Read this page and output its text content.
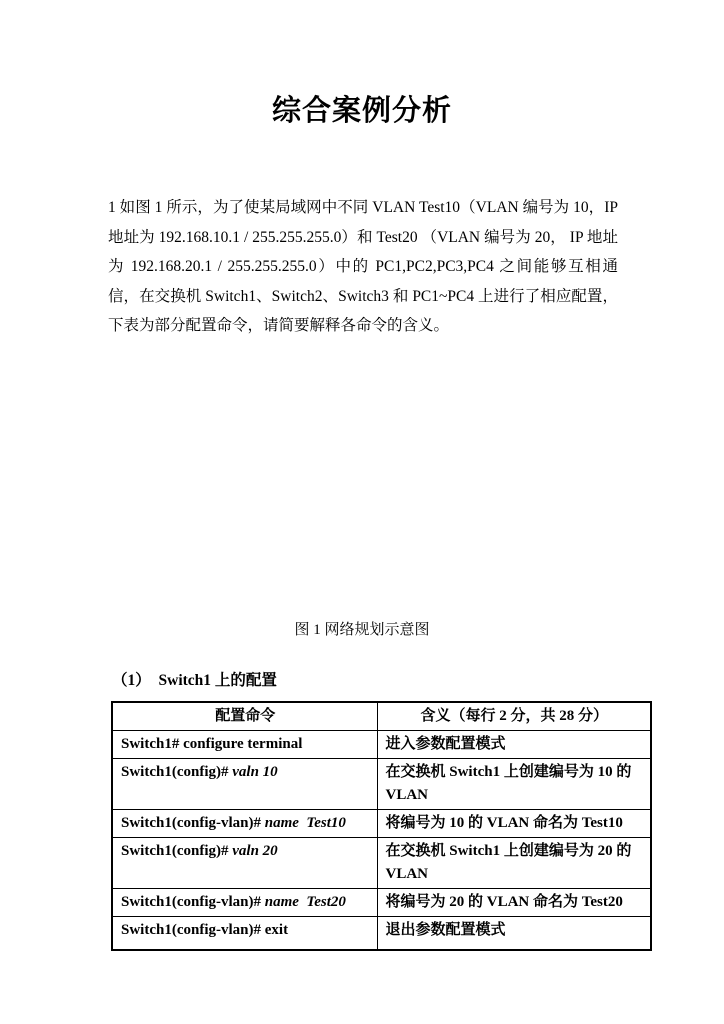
综合案例分析
1 如图 1 所示，为了使某局域网中不同 VLAN Test10（VLAN 编号为 10，IP 地址为 192.168.10.1 / 255.255.255.0）和 Test20 （VLAN 编号为 20， IP 地址为 192.168.20.1 / 255.255.255.0）中的 PC1,PC2,PC3,PC4 之间能够互相通信，在交换机 Switch1、Switch2、Switch3 和 PC1~PC4 上进行了相应配置，下表为部分配置命令，请简要解释各命令的含义。
图 1 网络规划示意图
（1）  Switch1 上的配置
配置命令	含义（每行 2 分，共 28 分）
Switch1# configure terminal	进入参数配置模式
Switch1(config)# valn 10	在交换机 Switch1 上创建编号为 10 的 VLAN
Switch1(config-vlan)# name  Test10	将编号为 10 的 VLAN 命名为 Test10
Switch1(config)# valn 20	在交换机 Switch1 上创建编号为 20 的 VLAN
Switch1(config-vlan)# name  Test20	将编号为 20 的 VLAN 命名为 Test20
Switch1(config-vlan)# exit	退出参数配置模式
